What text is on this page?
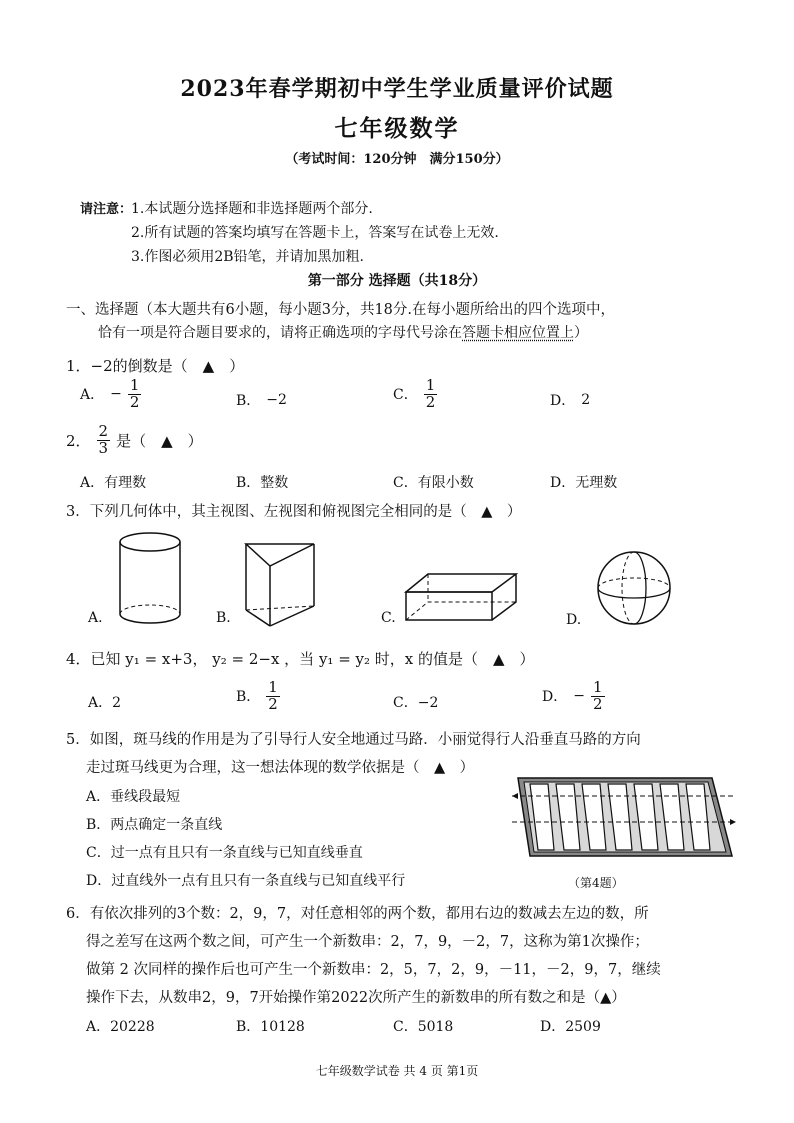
2023年春学期初中学生学业质量评价试题
七年级数学
（考试时间：120分钟　满分150分）
请注意：
1.本试题分选择题和非选择题两个部分.
2.所有试题的答案均填写在答题卡上，答案写在试卷上无效.
3.作图必须用2B铅笔，并请加黑加粗.
第一部分 选择题（共18分）
一、选择题（本大题共有6小题，每小题3分，共18分.在每小题所给出的四个选项中，
恰有一项是符合题目要求的，请将正确选项的字母代号涂在答题卡相应位置上）
1．−2的倒数是（　▲　）
A． − $\frac{1}{2}$	B． −2	C． $\frac{1}{2}$	D． 2
2． $\frac{2}{3}$ 是（　▲　）
A．有理数	B．整数	C．有限小数	D．无理数
3．下列几何体中，其主视图、左视图和俯视图完全相同的是（　▲　）
A.	B.	C.	D.
4．已知 y₁ = x+3， y₂ = 2−x ，当 y₁ = y₂ 时，x 的值是（　▲　）
A．2	B． $\frac{1}{2}$	C．−2	D． − $\frac{1}{2}$
5．如图，斑马线的作用是为了引导行人安全地通过马路．小丽觉得行人沿垂直马路的方向
走过斑马线更为合理，这一想法体现的数学依据是（　▲　）
A．垂线段最短
B．两点确定一条直线
C．过一点有且只有一条直线与已知直线垂直
D．过直线外一点有且只有一条直线与已知直线平行	（第4题）
6．有依次排列的3个数：2，9，7，对任意相邻的两个数，都用右边的数减去左边的数，所
得之差写在这两个数之间，可产生一个新数串：2，7，9，－2，7，这称为第1次操作；
做第 2 次同样的操作后也可产生一个新数串：2，5，7，2，9，－11，－2，9，7，继续
操作下去，从数串2，9，7开始操作第2022次所产生的新数串的所有数之和是（▲）
A．20228	B．10128	C．5018	D．2509
七年级数学试卷 共 4 页 第1页
